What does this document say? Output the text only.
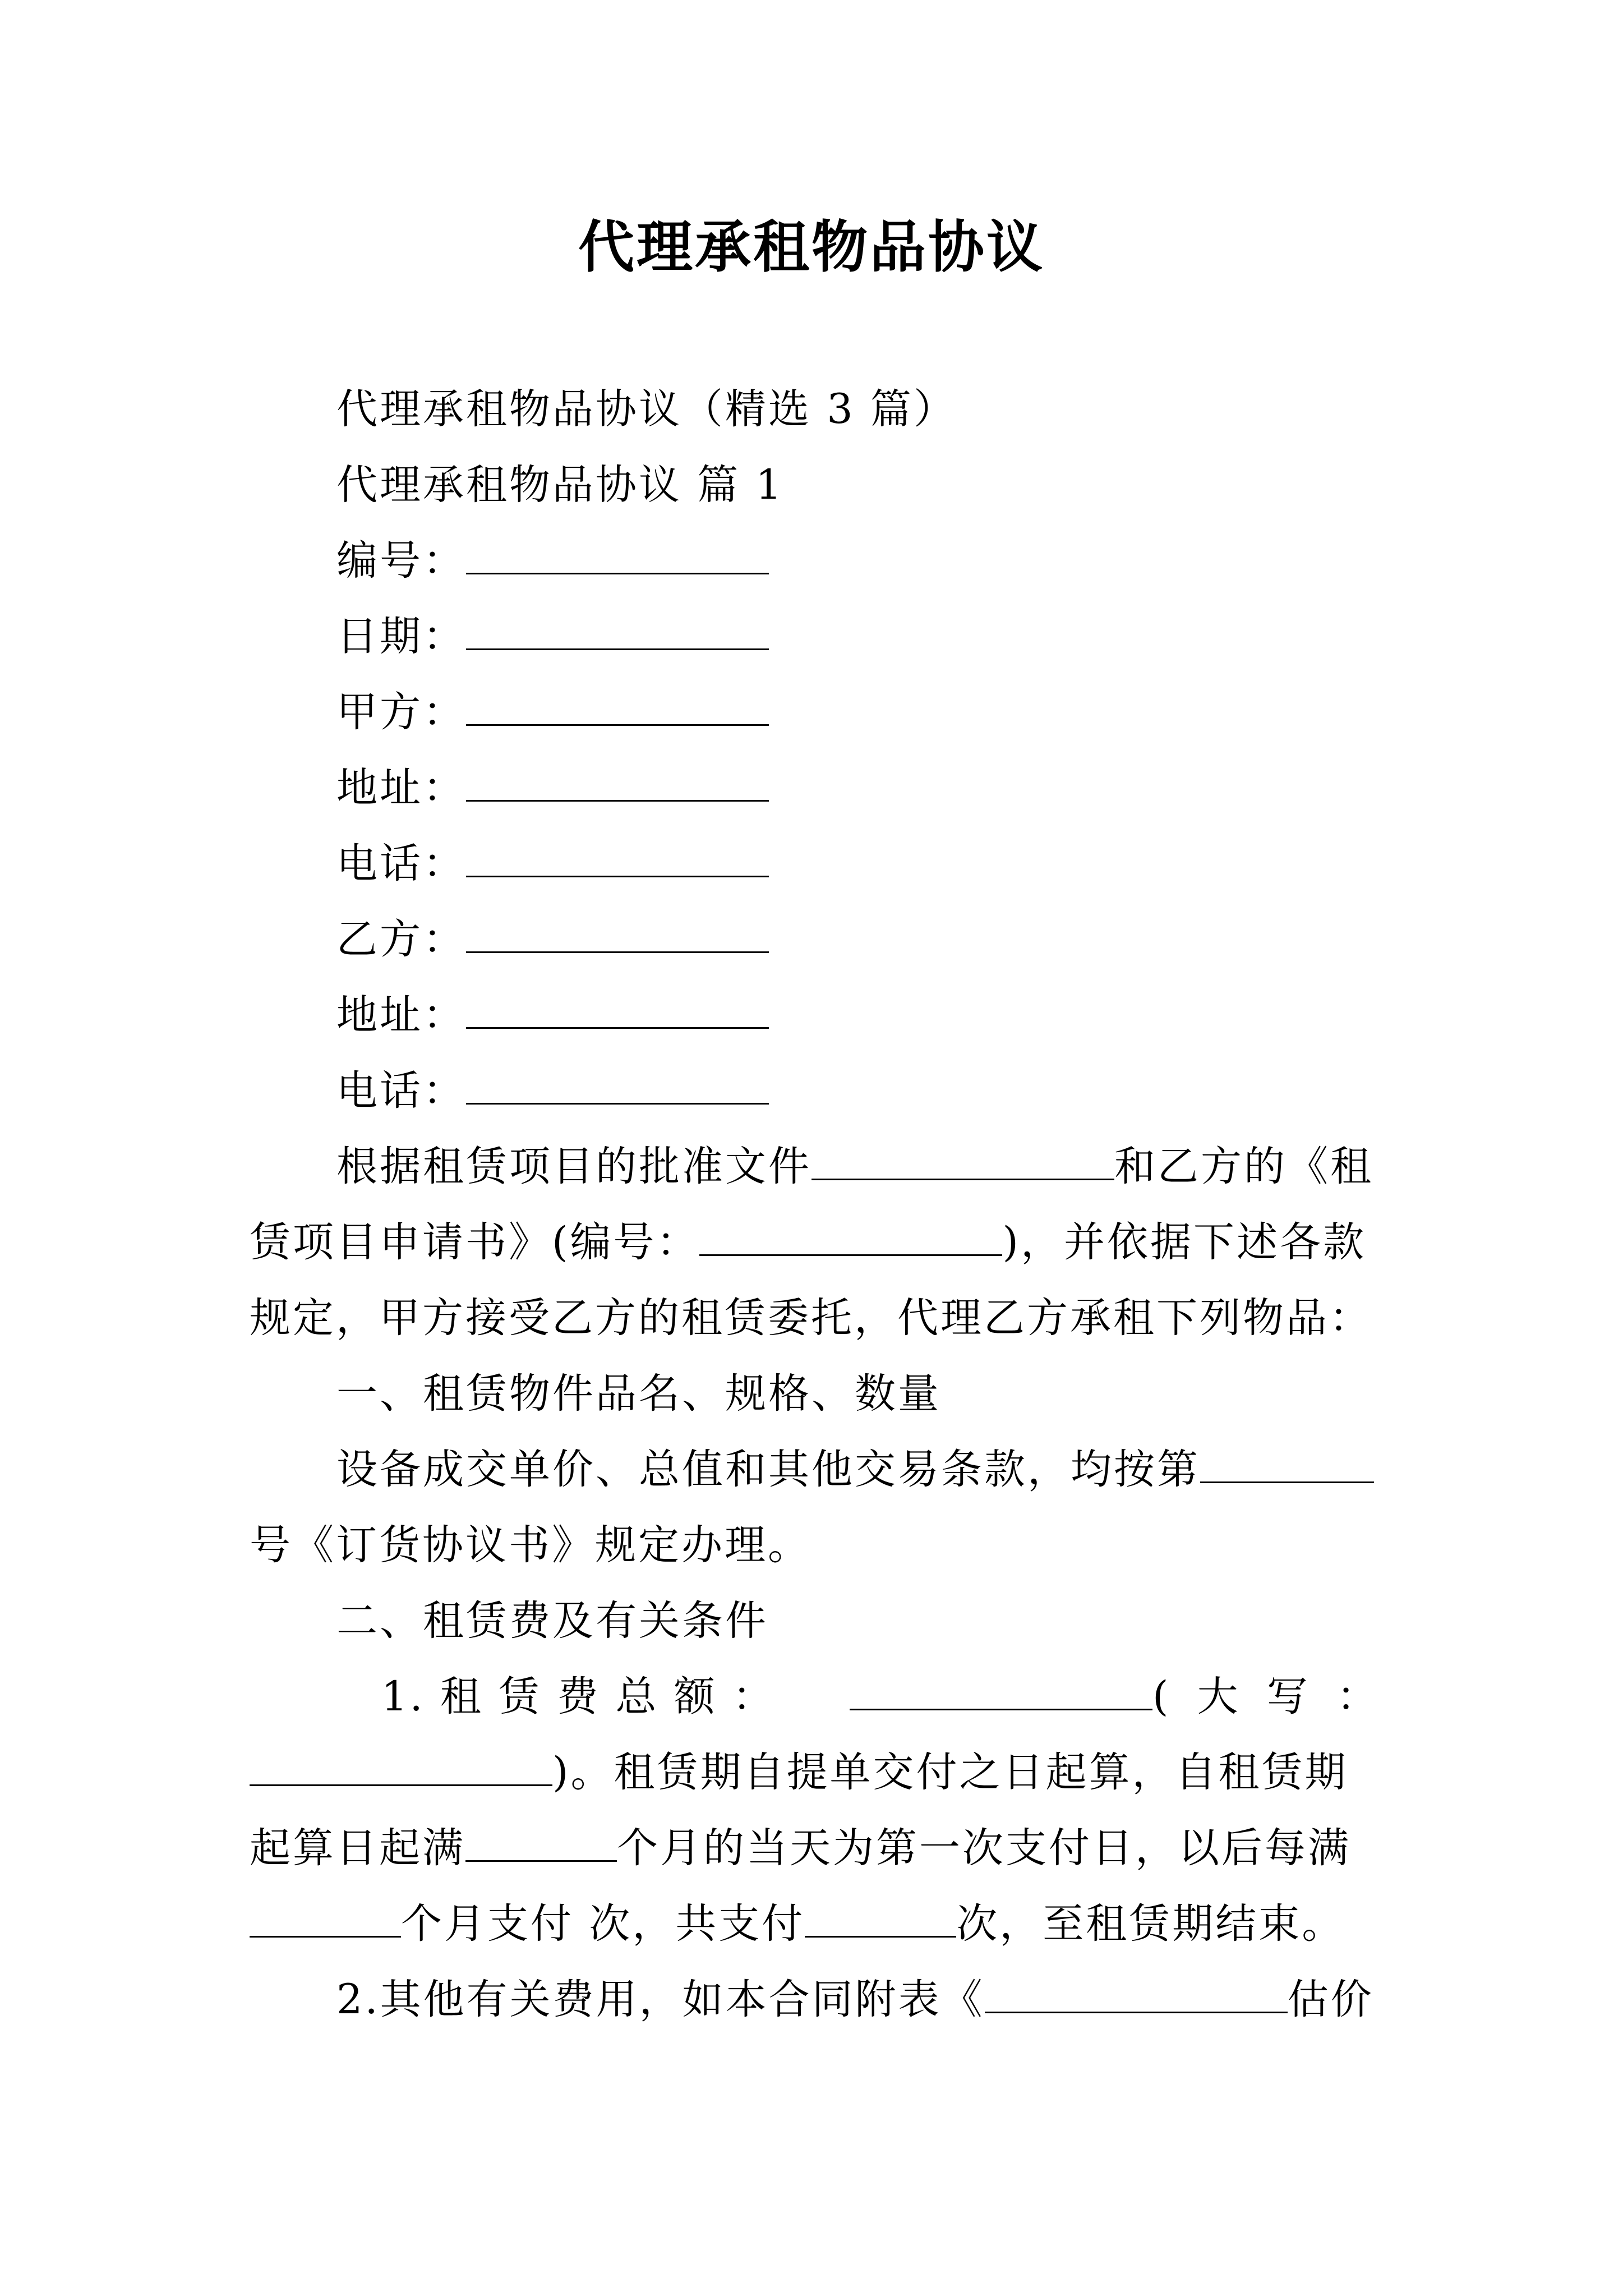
代理承租物品协议
代理承租物品协议（精选 3 篇）
代理承租物品协议 篇 1
编号：
日期：
甲方：
地址：
电话：
乙方：
地址：
电话：
根据租赁项目的批准文件	和乙方的《租
赁项目申请书》(编号：	)，并依据下述各款
规定，甲方接受乙方的租赁委托，代理乙方承租下列物品：
一、租赁物件品名、规格、数量
设备成交单价、总值和其他交易条款，均按第
号《订货协议书》规定办理。
二、租赁费及有关条件
1. 租 赁 费 总 额 ：	( 大 写 ：
)。租赁期自提单交付之日起算，自租赁期
起算日起满	个月的当天为第一次支付日，以后每满
个月支付 次，共支付	次，至租赁期结束。
2.其他有关费用，如本合同附表《	估价
